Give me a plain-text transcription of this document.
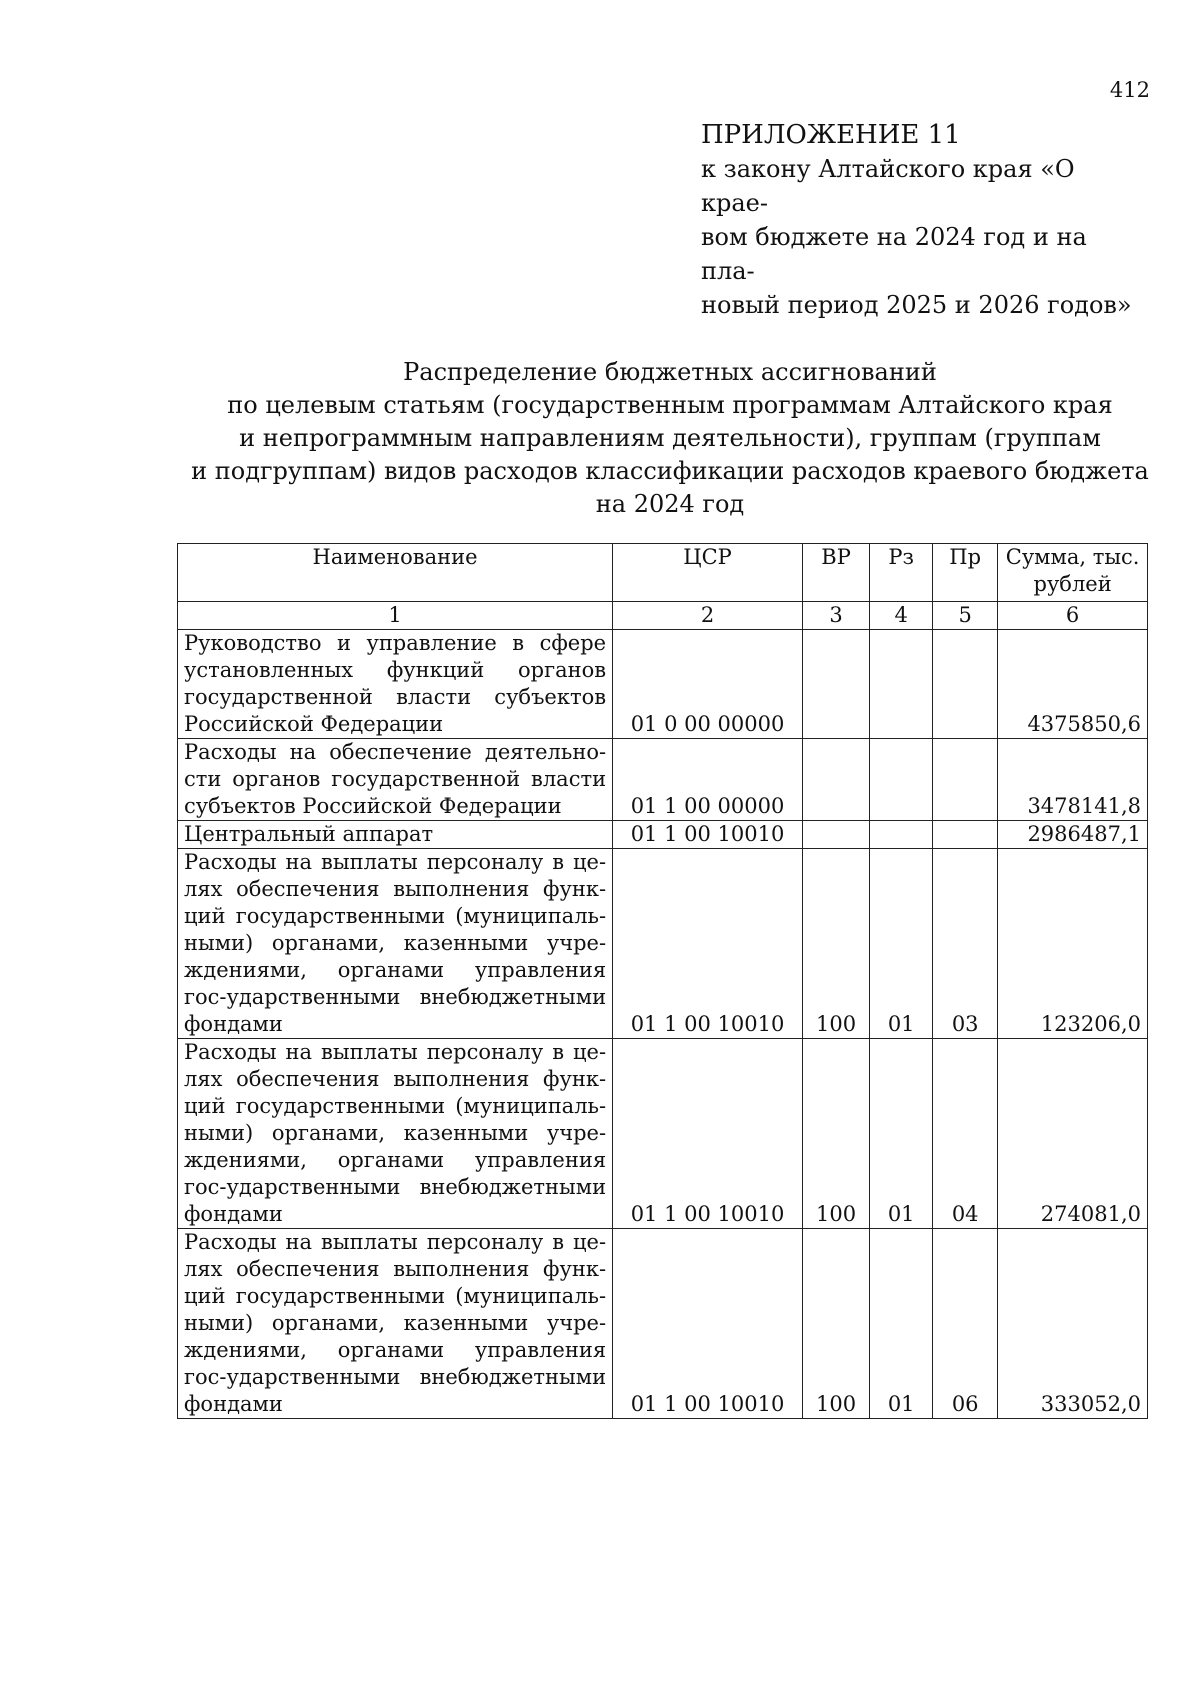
412
ПРИЛОЖЕНИЕ 11
к закону Алтайского края «О крае-
вом бюджете на 2024 год и на пла-
новый период 2025 и 2026 годов»
Распределение бюджетных ассигнований
по целевым статьям (государственным программам Алтайского края
и непрограммным направлениям деятельности), группам (группам
и подгруппам) видов расходов классификации расходов краевого бюджета
на 2024 год
Наименование	ЦСР	ВР	Рз	Пр	Сумма, тыс. рублей
1	2	3	4	5	6
Руководство и управление в сфере установленных функций органов государственной власти субъектов Российской Федерации	01 0 00 00000				4375850,6
Расходы на обеспечение деятельно-сти органов государственной власти субъектов Российской Федерации	01 1 00 00000				3478141,8
Центральный аппарат	01 1 00 10010				2986487,1
Расходы на выплаты персоналу в це-лях обеспечения выполнения функ-ций государственными (муниципаль-ными) органами, казенными учре-ждениями, органами управления гос-ударственными внебюджетными фондами	01 1 00 10010	100	01	03	123206,0
Расходы на выплаты персоналу в це-лях обеспечения выполнения функ-ций государственными (муниципаль-ными) органами, казенными учре-ждениями, органами управления гос-ударственными внебюджетными фондами	01 1 00 10010	100	01	04	274081,0
Расходы на выплаты персоналу в це-лях обеспечения выполнения функ-ций государственными (муниципаль-ными) органами, казенными учре-ждениями, органами управления гос-ударственными внебюджетными фондами	01 1 00 10010	100	01	06	333052,0
